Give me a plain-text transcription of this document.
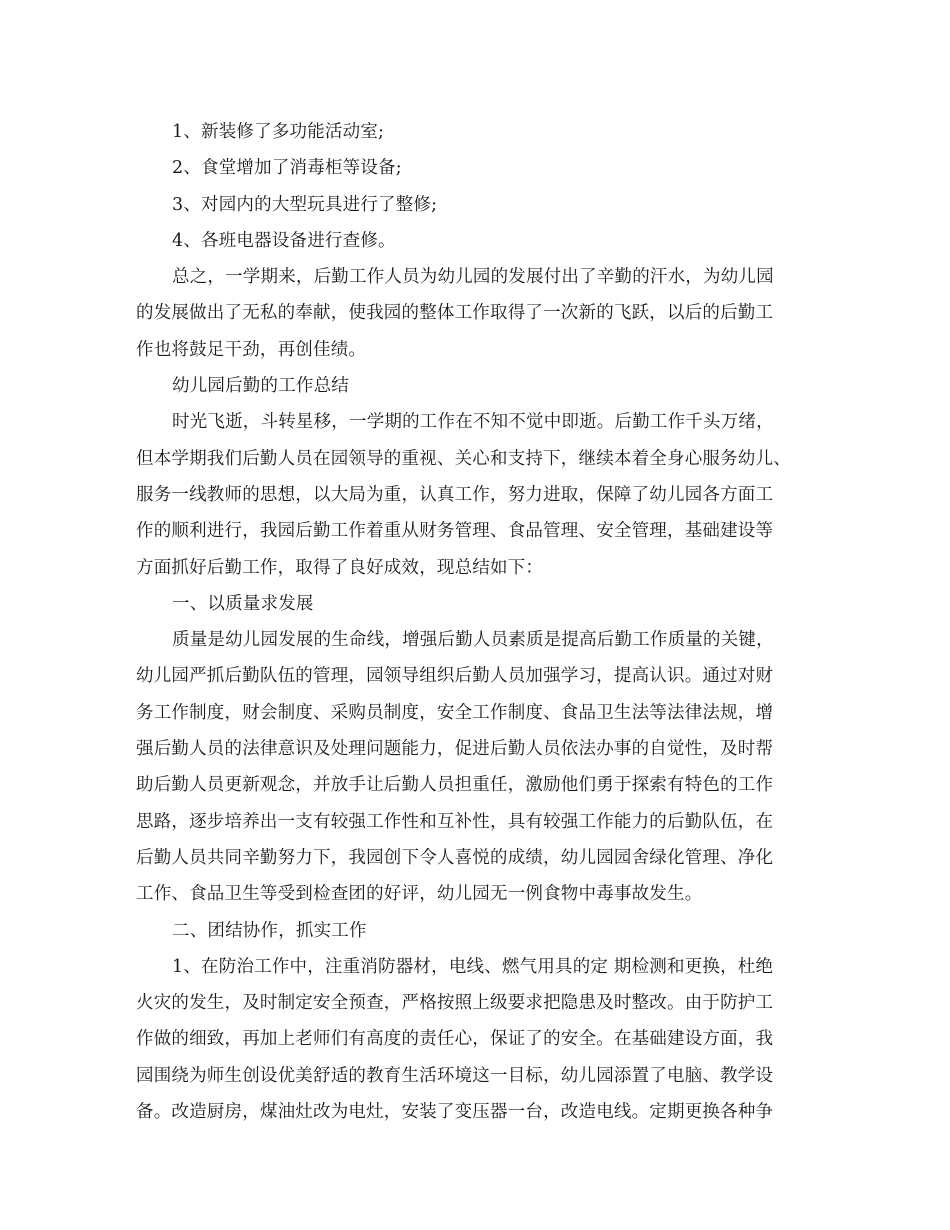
1、新装修了多功能活动室;
2、食堂增加了消毒柜等设备;
3、对园内的大型玩具进行了整修;
4、各班电器设备进行查修。
总之，一学期来，后勤工作人员为幼儿园的发展付出了辛勤的汗水，为幼儿园
的发展做出了无私的奉献，使我园的整体工作取得了一次新的飞跃，以后的后勤工
作也将鼓足干劲，再创佳绩。
幼儿园后勤的工作总结
时光飞逝，斗转星移，一学期的工作在不知不觉中即逝。后勤工作千头万绪，
但本学期我们后勤人员在园领导的重视、关心和支持下，继续本着全身心服务幼儿、
服务一线教师的思想，以大局为重，认真工作，努力进取，保障了幼儿园各方面工
作的顺利进行，我园后勤工作着重从财务管理、食品管理、安全管理，基础建设等
方面抓好后勤工作，取得了良好成效，现总结如下：
一、以质量求发展
质量是幼儿园发展的生命线，增强后勤人员素质是提高后勤工作质量的关键，
幼儿园严抓后勤队伍的管理，园领导组织后勤人员加强学习，提高认识。通过对财
务工作制度，财会制度、采购员制度，安全工作制度、食品卫生法等法律法规，增
强后勤人员的法律意识及处理问题能力，促进后勤人员依法办事的自觉性，及时帮
助后勤人员更新观念，并放手让后勤人员担重任，激励他们勇于探索有特色的工作
思路，逐步培养出一支有较强工作性和互补性，具有较强工作能力的后勤队伍，在
后勤人员共同辛勤努力下，我园创下令人喜悦的成绩，幼儿园园舍绿化管理、净化
工作、食品卫生等受到检查团的好评，幼儿园无一例食物中毒事故发生。
二、团结协作，抓实工作
1、在防治工作中，注重消防器材，电线、燃气用具的定 期检测和更换，杜绝
火灾的发生，及时制定安全预查，严格按照上级要求把隐患及时整改。由于防护工
作做的细致，再加上老师们有高度的责任心，保证了的安全。在基础建设方面，我
园围绕为师生创设优美舒适的教育生活环境这一目标，幼儿园添置了电脑、教学设
备。改造厨房，煤油灶改为电灶，安装了变压器一台，改造电线。定期更换各种争
